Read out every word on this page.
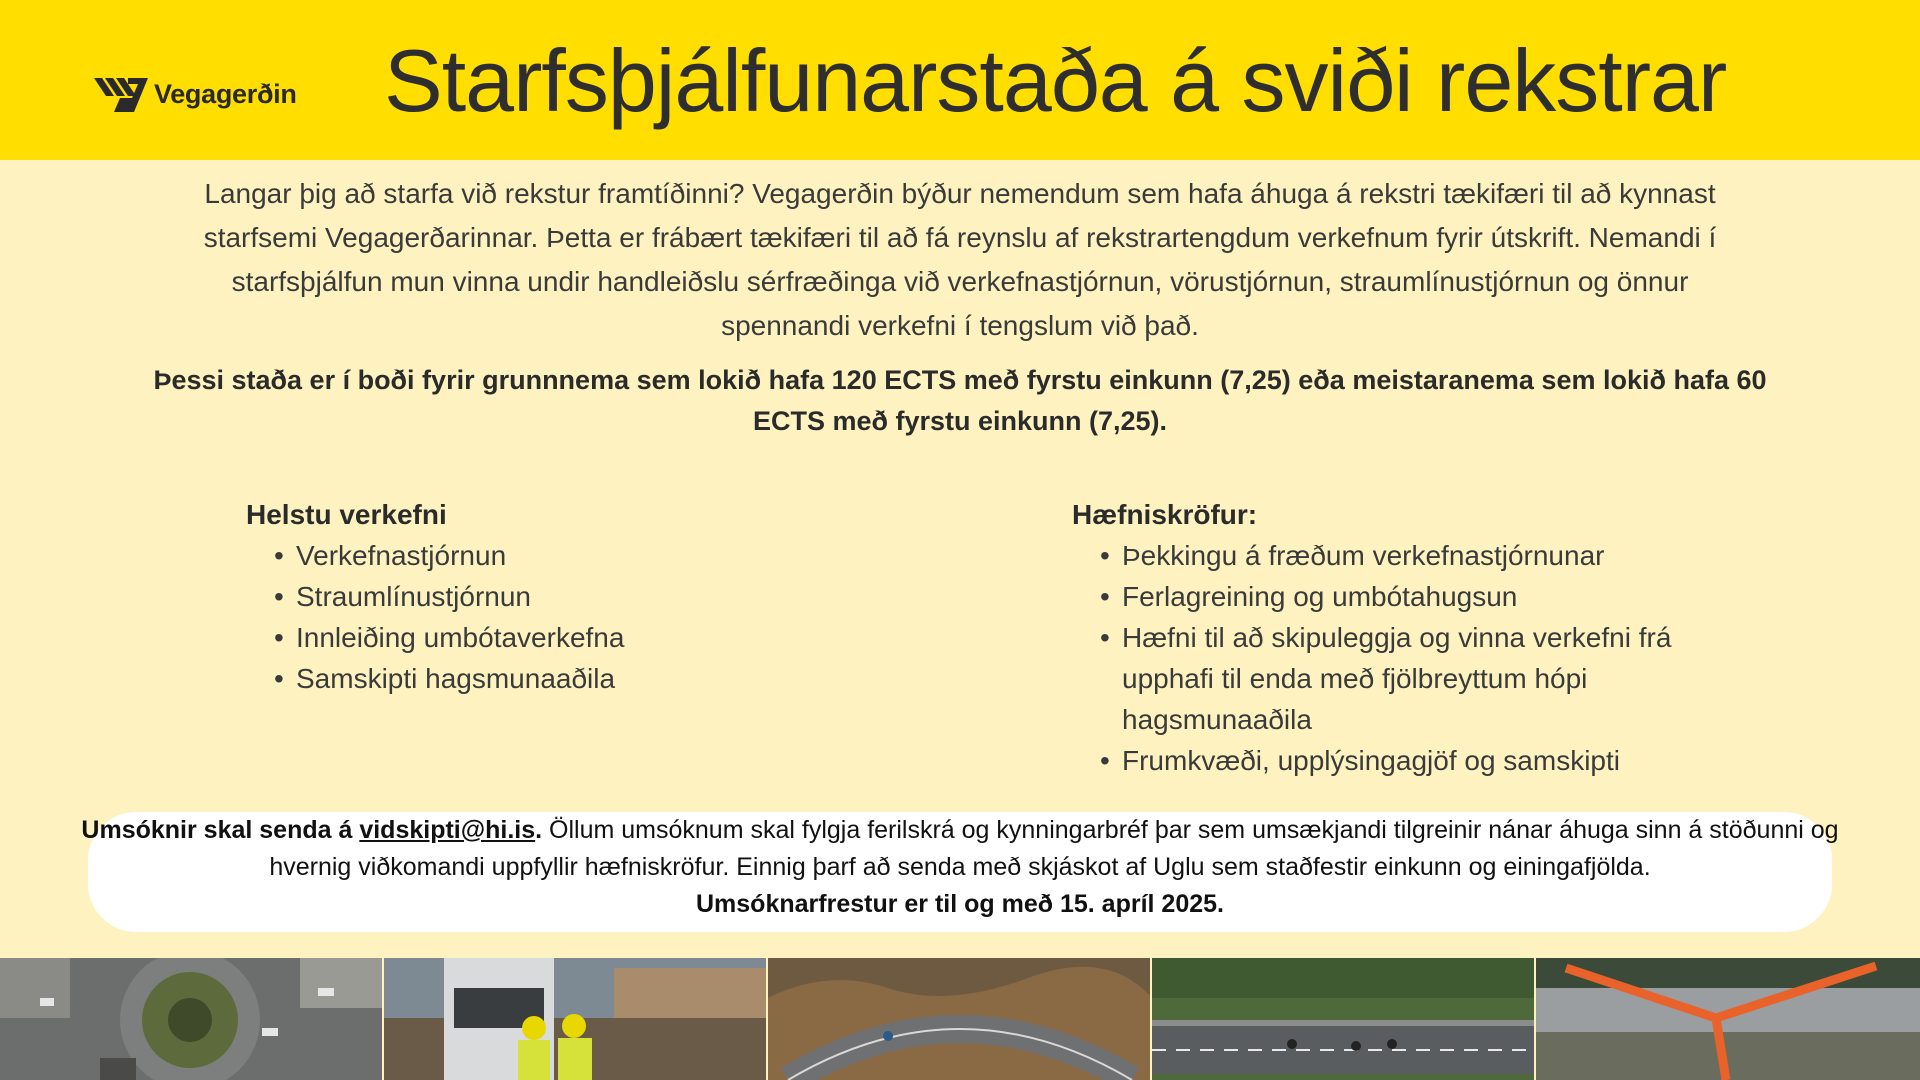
Vegagerðin Starfsþjálfunarstaða á sviði rekstrar
Langar þig að starfa við rekstur framtíðinni? Vegagerðin býður nemendum sem hafa áhuga á rekstri tækifæri til að kynnast
starfsemi Vegagerðarinnar. Þetta er frábært tækifæri til að fá reynslu af rekstrartengdum verkefnum fyrir útskrift. Nemandi í
starfsþjálfun mun vinna undir handleiðslu sérfræðinga við verkefnastjórnun, vörustjórnun, straumlínustjórnun og önnur
spennandi verkefni í tengslum við það.
Þessi staða er í boði fyrir grunnnema sem lokið hafa 120 ECTS með fyrstu einkunn (7,25) eða meistaranema sem lokið hafa 60
ECTS með fyrstu einkunn (7,25).
Helstu verkefni
• Verkefnastjórnun
• Straumlínustjórnun
• Innleiðing umbótaverkefna
• Samskipti hagsmunaaðila
Hæfniskröfur:
• Þekkingu á fræðum verkefnastjórnunar
• Ferlagreining og umbótahugsun
• Hæfni til að skipuleggja og vinna verkefni frá upphafi til enda með fjölbreyttum hópi hagsmunaaðila
• Frumkvæði, upplýsingagjöf og samskipti
Umsóknir skal senda á vidskipti@hi.is. Öllum umsóknum skal fylgja ferilskrá og kynningarbréf þar sem umsækjandi tilgreinir nánar áhuga sinn á stöðunni og hvernig viðkomandi uppfyllir hæfniskröfur. Einnig þarf að senda með skjáskot af Uglu sem staðfestir einkunn og einingafjölda.
Umsóknarfrestur er til og með 15. apríl 2025.
